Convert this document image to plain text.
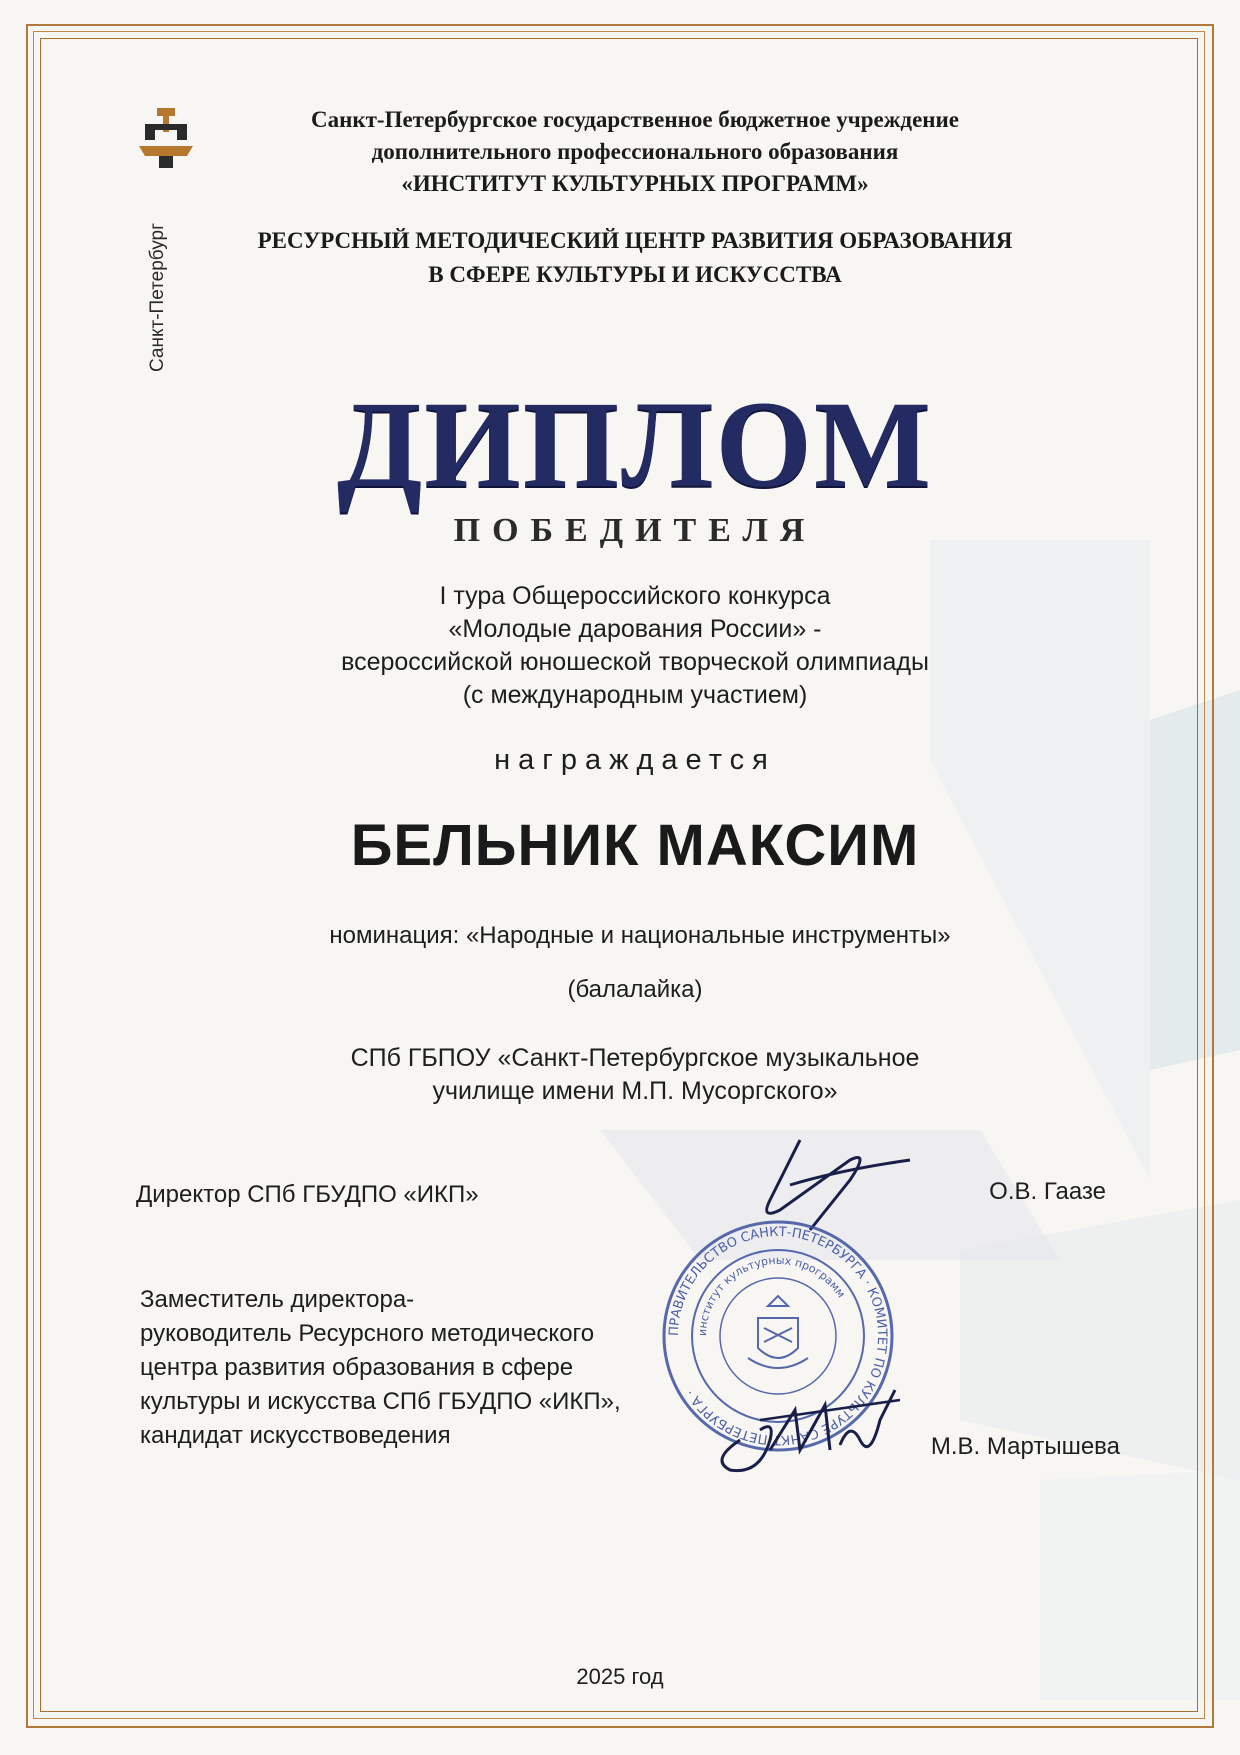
Санкт-Петербург
Санкт-Петербургское государственное бюджетное учреждение
дополнительного профессионального образования
«ИНСТИТУТ КУЛЬТУРНЫХ ПРОГРАММ»
РЕСУРСНЫЙ МЕТОДИЧЕСКИЙ ЦЕНТР РАЗВИТИЯ ОБРАЗОВАНИЯ
В СФЕРЕ КУЛЬТУРЫ И ИСКУССТВА
ДИПЛОМ
ПОБЕДИТЕЛЯ
I тура Общероссийского конкурса
«Молодые дарования России» -
всероссийской юношеской творческой олимпиады
(с международным участием)
награждается
БЕЛЬНИК МАКСИМ
номинация: «Народные и национальные инструменты»
(балалайка)
СПб ГБПОУ «Санкт-Петербургское музыкальное
училище имени М.П. Мусоргского»
Директор СПб ГБУДПО «ИКП»	О.В. Гаазе
Заместитель директора-
руководитель Ресурсного методического
центра развития образования в сфере
культуры и искусства СПб ГБУДПО «ИКП»,
кандидат искусствоведения	М.В. Мартышева
ПРАВИТЕЛЬСТВО САНКТ-ПЕТЕРБУРГА · КОМИТЕТ ПО КУЛЬТУРЕ САНКТ-ПЕТЕРБУРГА ·
институт культурных программ
2025 год
